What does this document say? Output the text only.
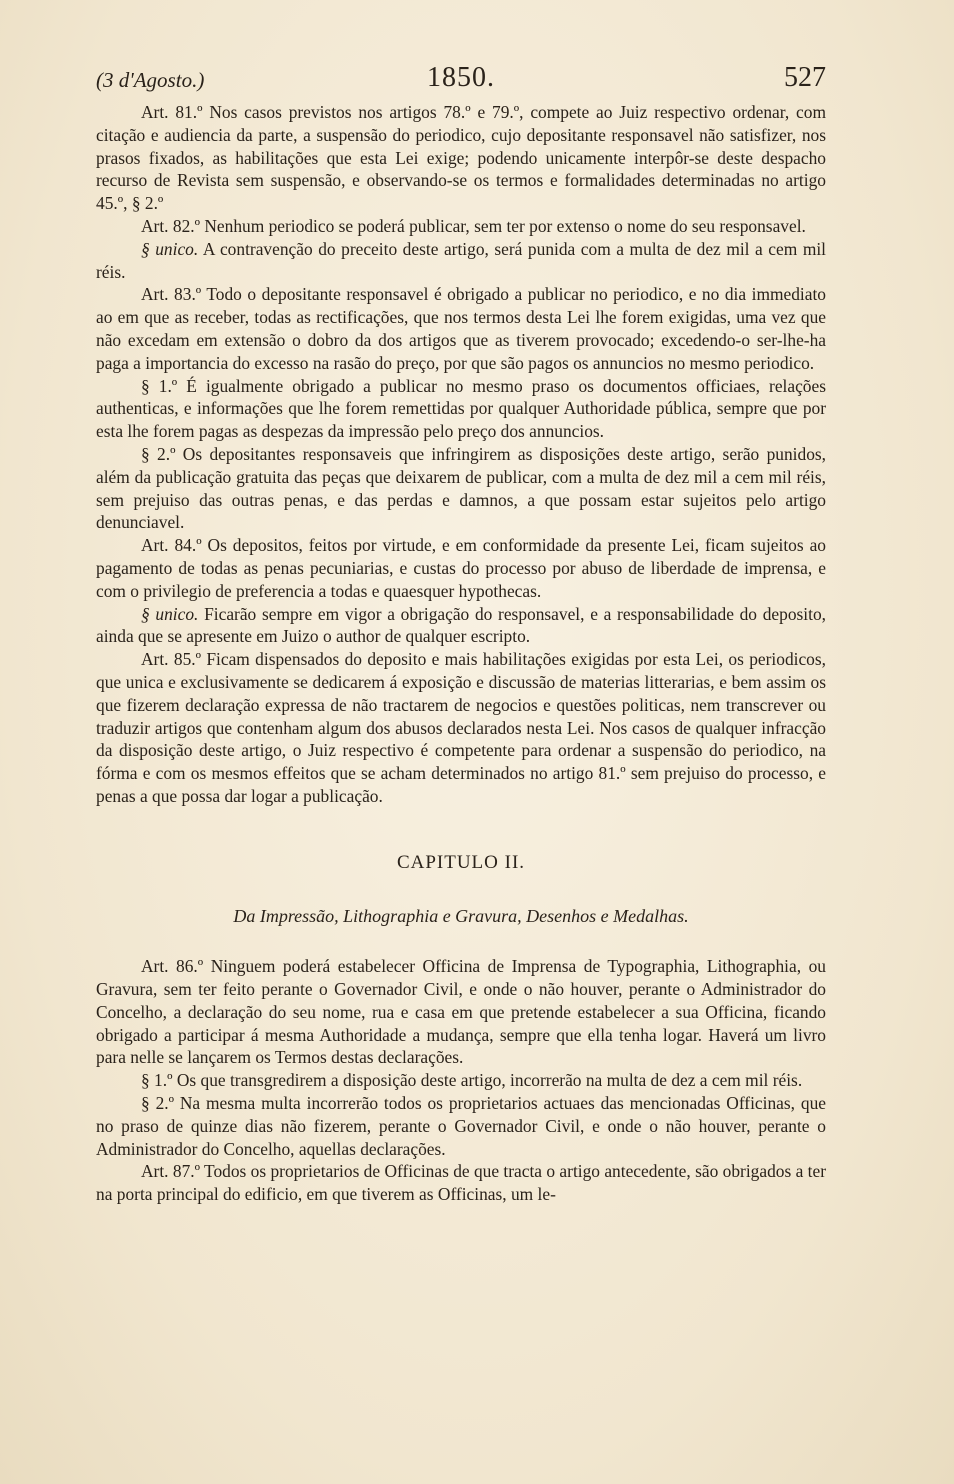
(3 d'Agosto.)	1850.	527

Art. 81.º Nos casos previstos nos artigos 78.º e 79.º, compete ao Juiz respectivo ordenar, com citação e audiencia da parte, a suspensão do periodico, cujo depositante responsavel não satisfizer, nos prasos fixados, as habilitações que esta Lei exige; podendo unicamente interpôr-se deste despacho recurso de Revista sem suspensão, e observando-se os termos e formalidades determinadas no artigo 45.º, § 2.º

Art. 82.º Nenhum periodico se poderá publicar, sem ter por extenso o nome do seu responsavel.

§ unico. A contravenção do preceito deste artigo, será punida com a multa de dez mil a cem mil réis.

Art. 83.º Todo o depositante responsavel é obrigado a publicar no periodico, e no dia immediato ao em que as receber, todas as rectificações, que nos termos desta Lei lhe forem exigidas, uma vez que não excedam em extensão o dobro da dos artigos que as tiverem provocado; excedendo-o ser-lhe-ha paga a importancia do excesso na rasão do preço, por que são pagos os annuncios no mesmo periodico.

§ 1.º É igualmente obrigado a publicar no mesmo praso os documentos officiaes, relações authenticas, e informações que lhe forem remettidas por qualquer Authoridade pública, sempre que por esta lhe forem pagas as despezas da impressão pelo preço dos annuncios.

§ 2.º Os depositantes responsaveis que infringirem as disposições deste artigo, serão punidos, além da publicação gratuita das peças que deixarem de publicar, com a multa de dez mil a cem mil réis, sem prejuiso das outras penas, e das perdas e damnos, a que possam estar sujeitos pelo artigo denunciavel.

Art. 84.º Os depositos, feitos por virtude, e em conformidade da presente Lei, ficam sujeitos ao pagamento de todas as penas pecuniarias, e custas do processo por abuso de liberdade de imprensa, e com o privilegio de preferencia a todas e quaesquer hypothecas.

§ unico. Ficarão sempre em vigor a obrigação do responsavel, e a responsabilidade do deposito, ainda que se apresente em Juizo o author de qualquer escripto.

Art. 85.º Ficam dispensados do deposito e mais habilitações exigidas por esta Lei, os periodicos, que unica e exclusivamente se dedicarem á exposição e discussão de materias litterarias, e bem assim os que fizerem declaração expressa de não tractarem de negocios e questões politicas, nem transcrever ou traduzir artigos que contenham algum dos abusos declarados nesta Lei. Nos casos de qualquer infracção da disposição deste artigo, o Juiz respectivo é competente para ordenar a suspensão do periodico, na fórma e com os mesmos effeitos que se acham determinados no artigo 81.º sem prejuiso do processo, e penas a que possa dar logar a publicação.

CAPITULO II.

Da Impressão, Lithographia e Gravura, Desenhos e Medalhas.

Art. 86.º Ninguem poderá estabelecer Officina de Imprensa de Typographia, Lithographia, ou Gravura, sem ter feito perante o Governador Civil, e onde o não houver, perante o Administrador do Concelho, a declaração do seu nome, rua e casa em que pretende estabelecer a sua Officina, ficando obrigado a participar á mesma Authoridade a mudança, sempre que ella tenha logar. Haverá um livro para nelle se lançarem os Termos destas declarações.

§ 1.º Os que transgredirem a disposição deste artigo, incorrerão na multa de dez a cem mil réis.

§ 2.º Na mesma multa incorrerão todos os proprietarios actuaes das mencionadas Officinas, que no praso de quinze dias não fizerem, perante o Governador Civil, e onde o não houver, perante o Administrador do Concelho, aquellas declarações.

Art. 87.º Todos os proprietarios de Officinas de que tracta o artigo antecedente, são obrigados a ter na porta principal do edificio, em que tiverem as Officinas, um le-
